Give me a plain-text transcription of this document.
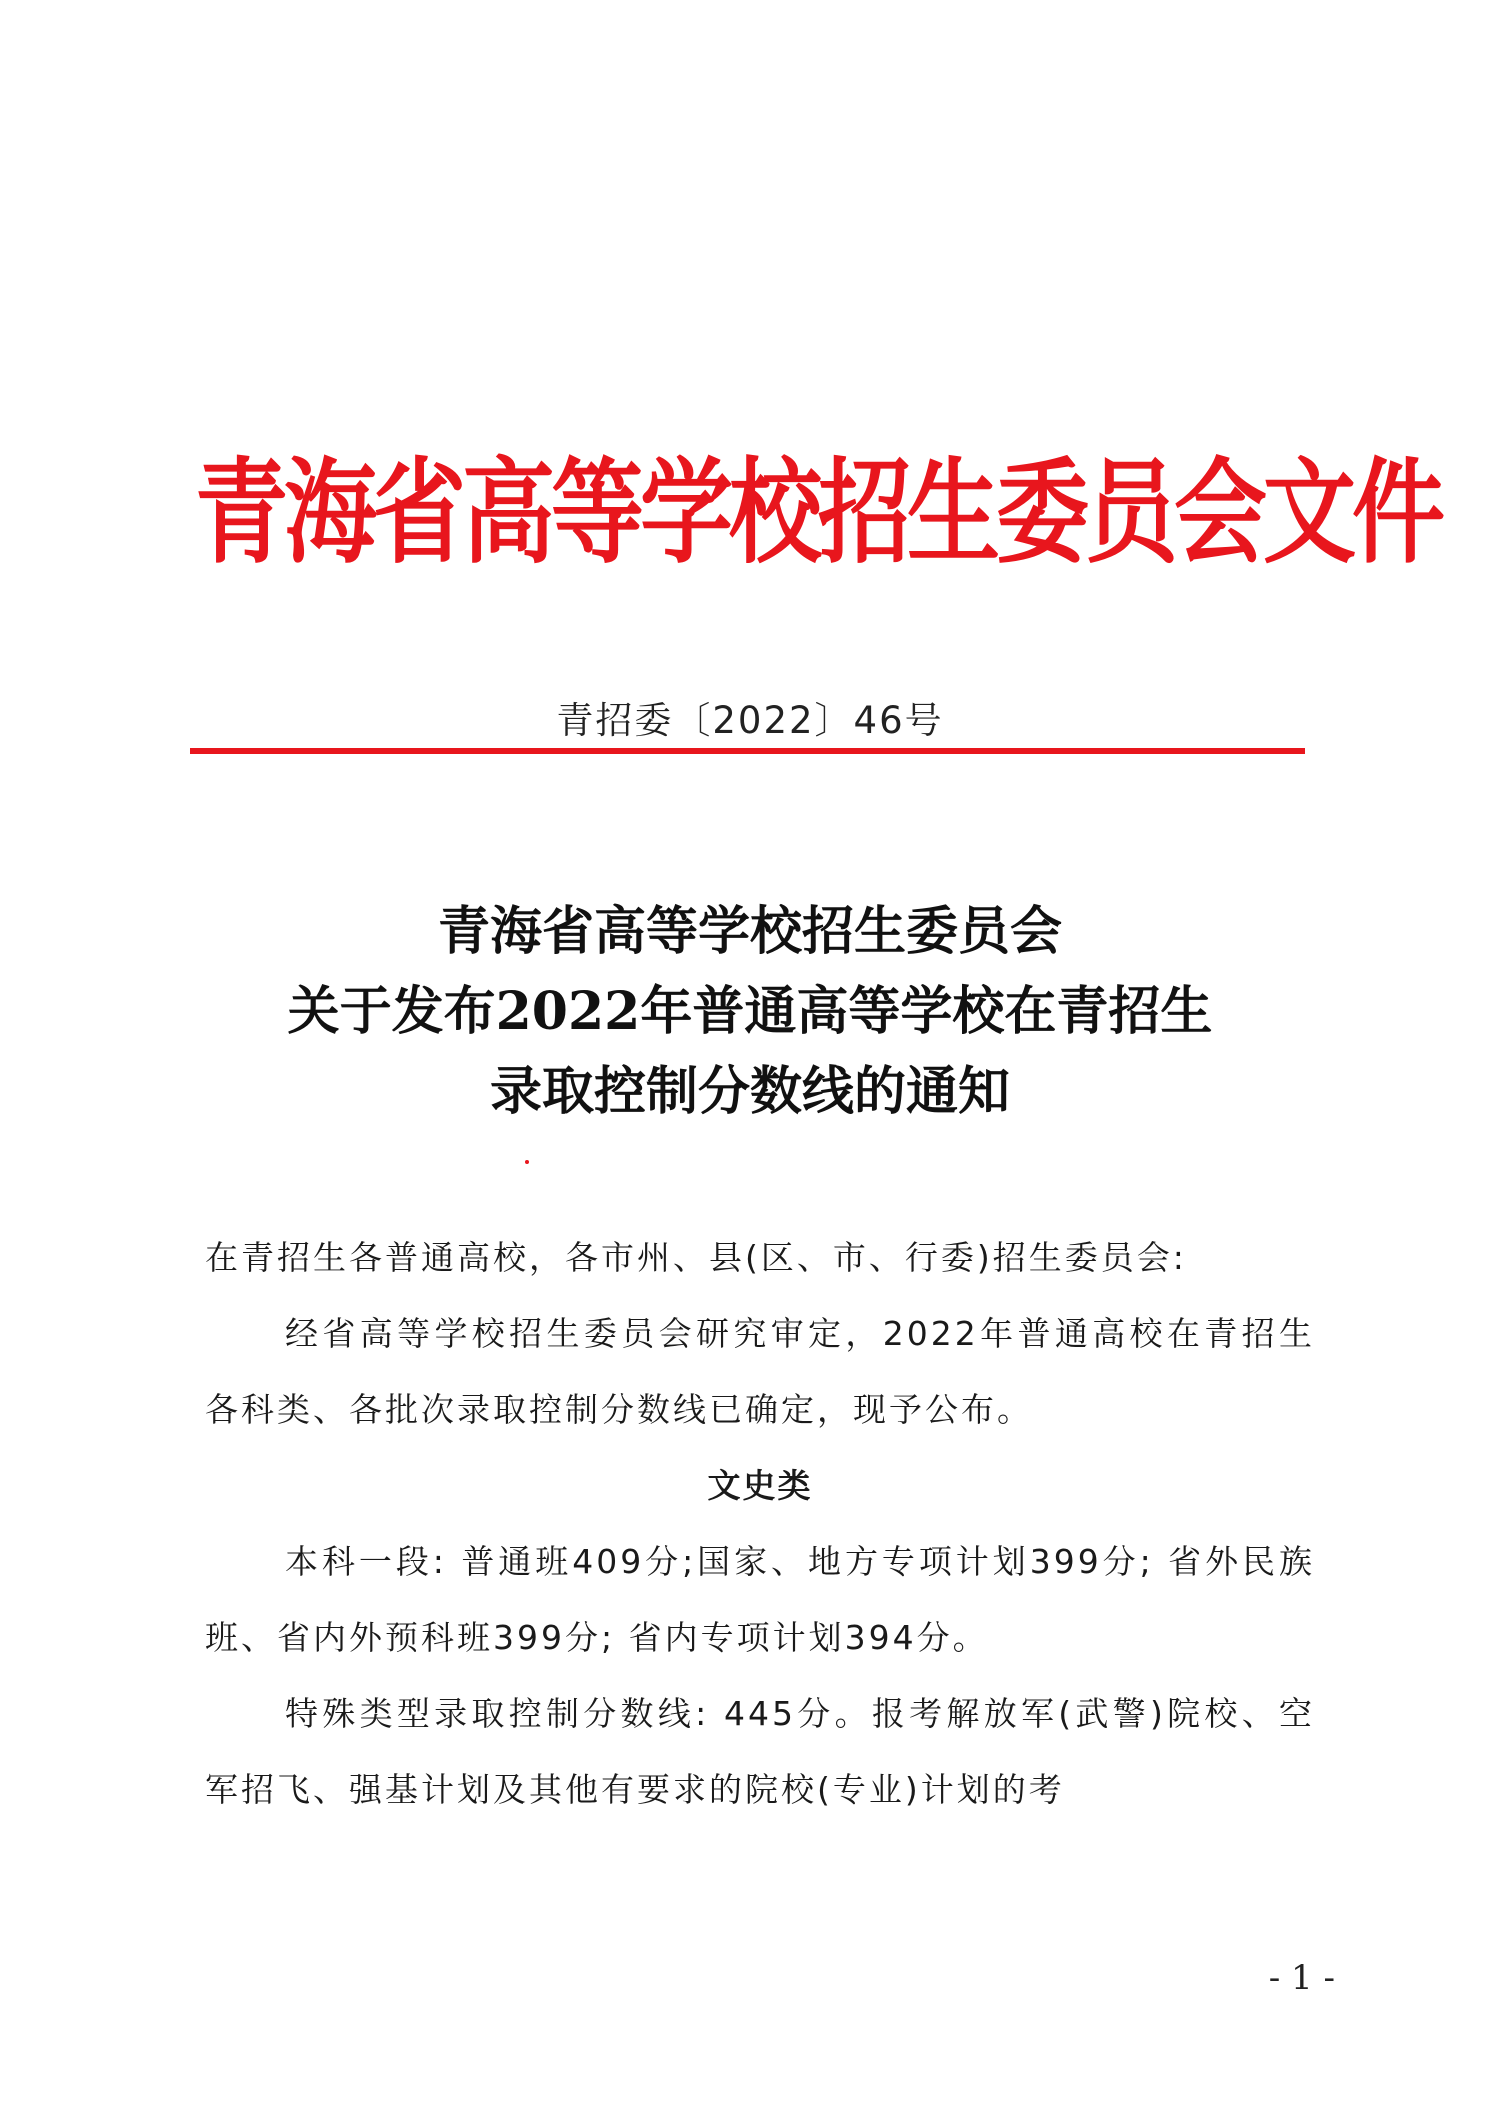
青海省高等学校招生委员会文件
青招委〔2022〕46号
青海省高等学校招生委员会
关于发布2022年普通高等学校在青招生
录取控制分数线的通知

在青招生各普通高校，各市州、县(区、市、行委)招生委员会:

经省高等学校招生委员会研究审定，2022年普通高校在青招生各科类、各批次录取控制分数线已确定，现予公布。

文史类

本科一段: 普通班409分;国家、地方专项计划399分; 省外民族班、省内外预科班399分; 省内专项计划394分。

特殊类型录取控制分数线: 445分。报考解放军(武警)院校、空军招飞、强基计划及其他有要求的院校(专业)计划的考

- 1 -
